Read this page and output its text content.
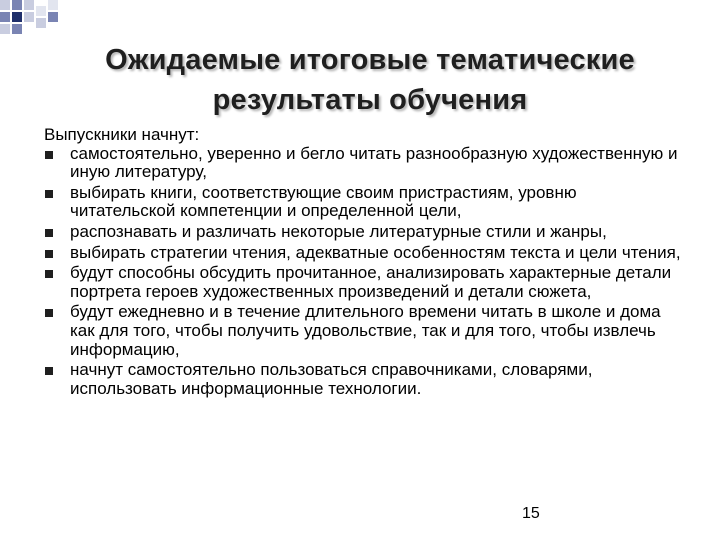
Ожидаемые итоговые тематические результаты обучения

Выпускники начнут:

самостоятельно, уверенно и бегло читать разнообразную художественную и иную литературу,
выбирать книги, соответствующие своим пристрастиям, уровню читательской компетенции и определенной цели,
распознавать и различать некоторые литературные стили и жанры,
выбирать стратегии чтения, адекватные особенностям текста и цели чтения,
будут способны обсудить прочитанное, анализировать характерные детали портрета героев художественных произведений и детали сюжета,
будут ежедневно и в течение длительного времени читать в школе и дома как для того, чтобы получить удовольствие, так и для того, чтобы извлечь информацию,
начнут самостоятельно пользоваться справочниками, словарями, использовать информационные технологии.
15
